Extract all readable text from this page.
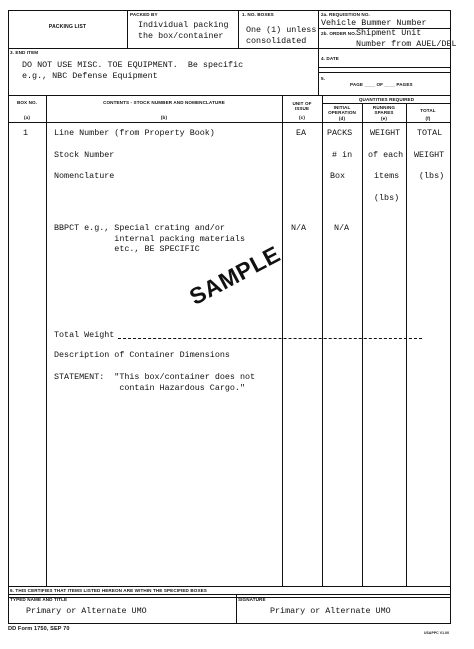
PACKING LIST
PACKED BY
Individual packing
the box/container
1. NO. BOXES
One (1) unless
consolidated
2a. REQUISITION NO.
Vehicle Bummer Number
2b. ORDER NO. Shipment Unit
Number from AUEL/DEL
3. END ITEM
DO NOT USE MISC. TOE EQUIPMENT.  Be specific
e.g., NBC Defense Equipment
4. DATE
5.
PAGE ____ OF ____ PAGES
BOX NO.
(a)
CONTENTS - STOCK NUMBER AND NOMENCLATURE
(b)
UNIT OF
ISSUE
(c)
QUANTITIES REQUIRED
INITIAL
OPERATION
(d)
RUNNING
SPARES
(e)
TOTAL
(f)
1	Line Number (from Property Book)
Stock Number
Nomenclature
BBPCT e.g., Special crating and/or
internal packing materials
etc., BE SPECIFIC
EA
N/A
PACKS
# in
Box
N/A
WEIGHT
of each
items
(lbs)
TOTAL
WEIGHT
(lbs)
SAMPLE
Total Weight
Description of Container Dimensions
STATEMENT:  "This box/container does not
contain Hazardous Cargo."
6. THIS CERTIFIES THAT ITEMS LISTED HEREON ARE WITHIN THE SPECIFIED BOXES
TYPED NAME AND TITLE
Primary or Alternate UMO
SIGNATURE
Primary or Alternate UMO
DD Form 1750, SEP 70
USAPPC V1.00
